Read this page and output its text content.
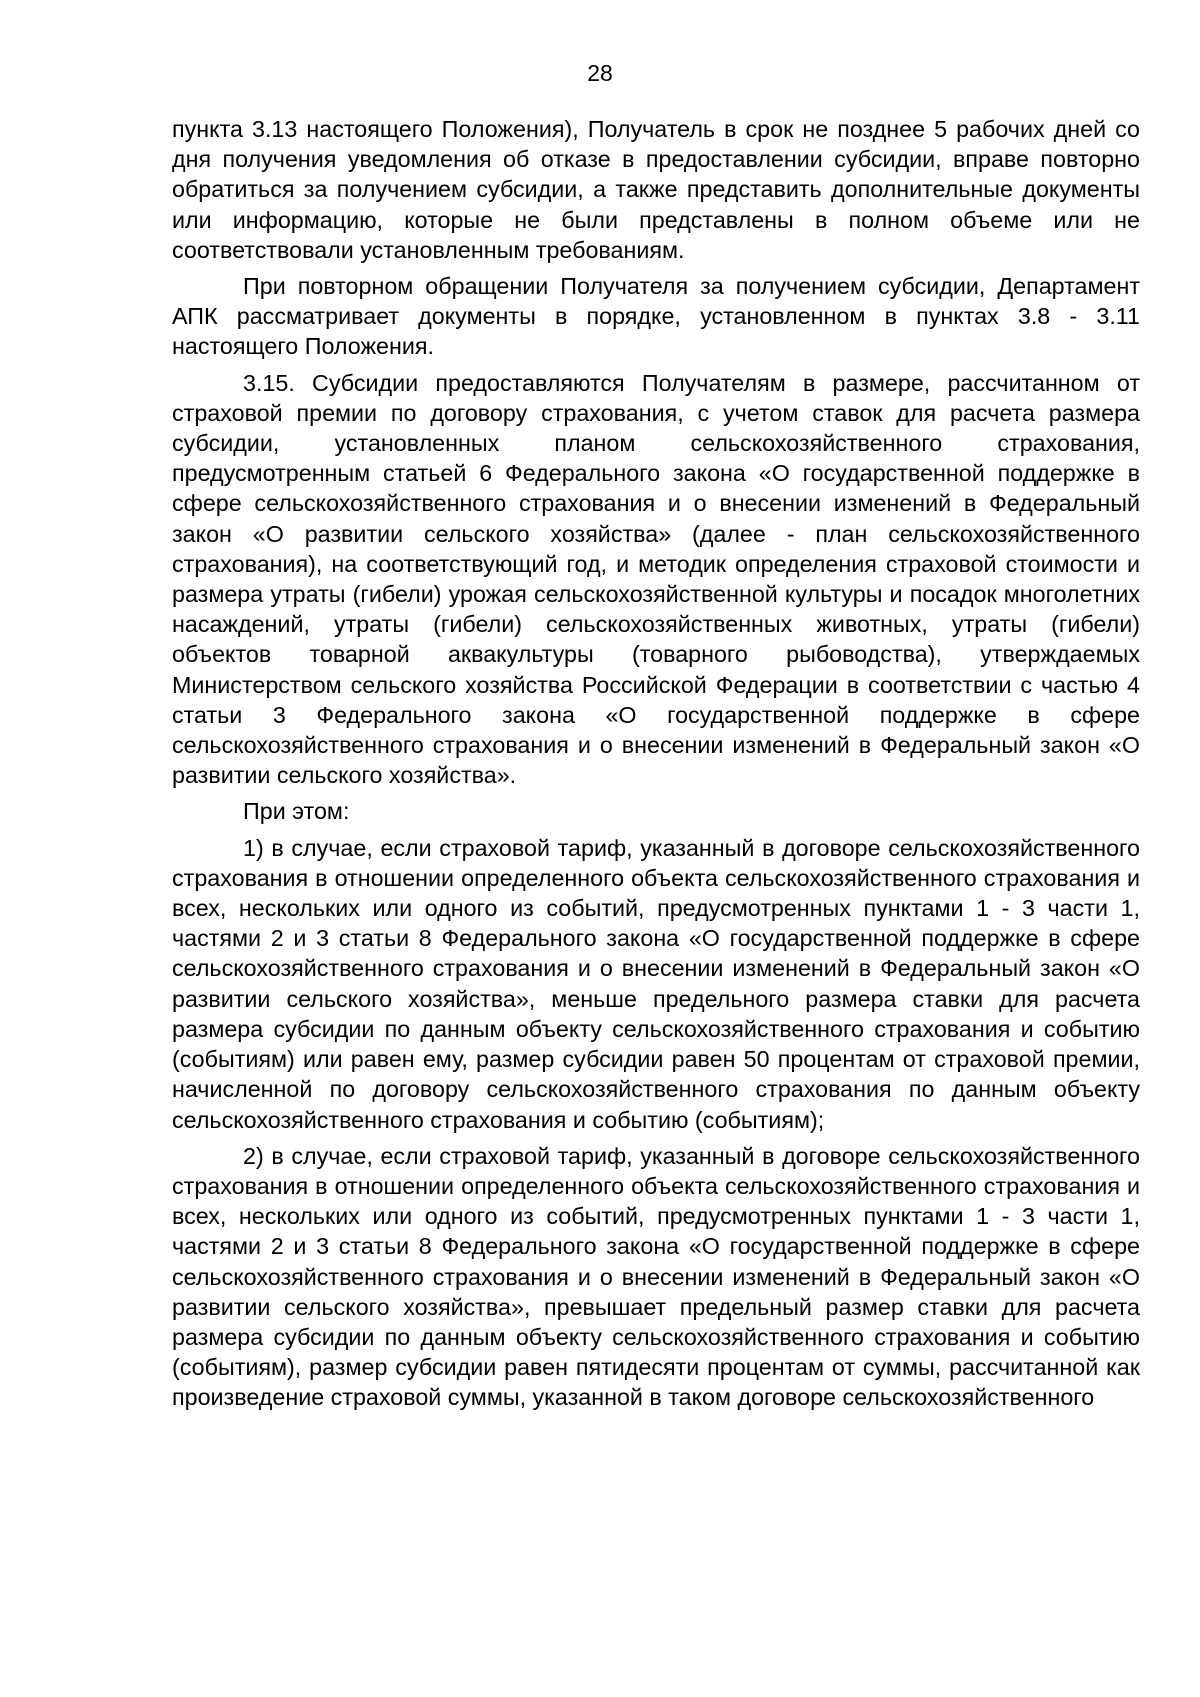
28

пункта 3.13 настоящего Положения), Получатель в срок не позднее 5 рабочих дней со дня получения уведомления об отказе в предоставлении субсидии, вправе повторно обратиться за получением субсидии, а также представить дополнительные документы или информацию, которые не были представлены в полном объеме или не соответствовали установленным требованиям.

При повторном обращении Получателя за получением субсидии, Департамент АПК рассматривает документы в порядке, установленном в пунктах 3.8 - 3.11 настоящего Положения.

3.15. Субсидии предоставляются Получателям в размере, рассчитанном от страховой премии по договору страхования, с учетом ставок для расчета размера субсидии, установленных планом сельскохозяйственного страхования, предусмотренным статьей 6 Федерального закона «О государственной поддержке в сфере сельскохозяйственного страхования и о внесении изменений в Федеральный закон «О развитии сельского хозяйства» (далее - план сельскохозяйственного страхования), на соответствующий год, и методик определения страховой стоимости и размера утраты (гибели) урожая сельскохозяйственной культуры и посадок многолетних насаждений, утраты (гибели) сельскохозяйственных животных, утраты (гибели) объектов товарной аквакультуры (товарного рыбоводства), утверждаемых Министерством сельского хозяйства Российской Федерации в соответствии с частью 4 статьи 3 Федерального закона «О государственной поддержке в сфере сельскохозяйственного страхования и о внесении изменений в Федеральный закон «О развитии сельского хозяйства».

При этом:

1) в случае, если страховой тариф, указанный в договоре сельскохозяйственного страхования в отношении определенного объекта сельскохозяйственного страхования и всех, нескольких или одного из событий, предусмотренных пунктами 1 - 3 части 1, частями 2 и 3 статьи 8 Федерального закона «О государственной поддержке в сфере сельскохозяйственного страхования и о внесении изменений в Федеральный закон «О развитии сельского хозяйства», меньше предельного размера ставки для расчета размера субсидии по данным объекту сельскохозяйственного страхования и событию (событиям) или равен ему, размер субсидии равен 50 процентам от страховой премии, начисленной по договору сельскохозяйственного страхования по данным объекту сельскохозяйственного страхования и событию (событиям);

2) в случае, если страховой тариф, указанный в договоре сельскохозяйственного страхования в отношении определенного объекта сельскохозяйственного страхования и всех, нескольких или одного из событий, предусмотренных пунктами 1 - 3 части 1, частями 2 и 3 статьи 8 Федерального закона «О государственной поддержке в сфере сельскохозяйственного страхования и о внесении изменений в Федеральный закон «О развитии сельского хозяйства», превышает предельный размер ставки для расчета размера субсидии по данным объекту сельскохозяйственного страхования и событию (событиям), размер субсидии равен пятидесяти процентам от суммы, рассчитанной как произведение страховой суммы, указанной в таком договоре сельскохозяйственного
